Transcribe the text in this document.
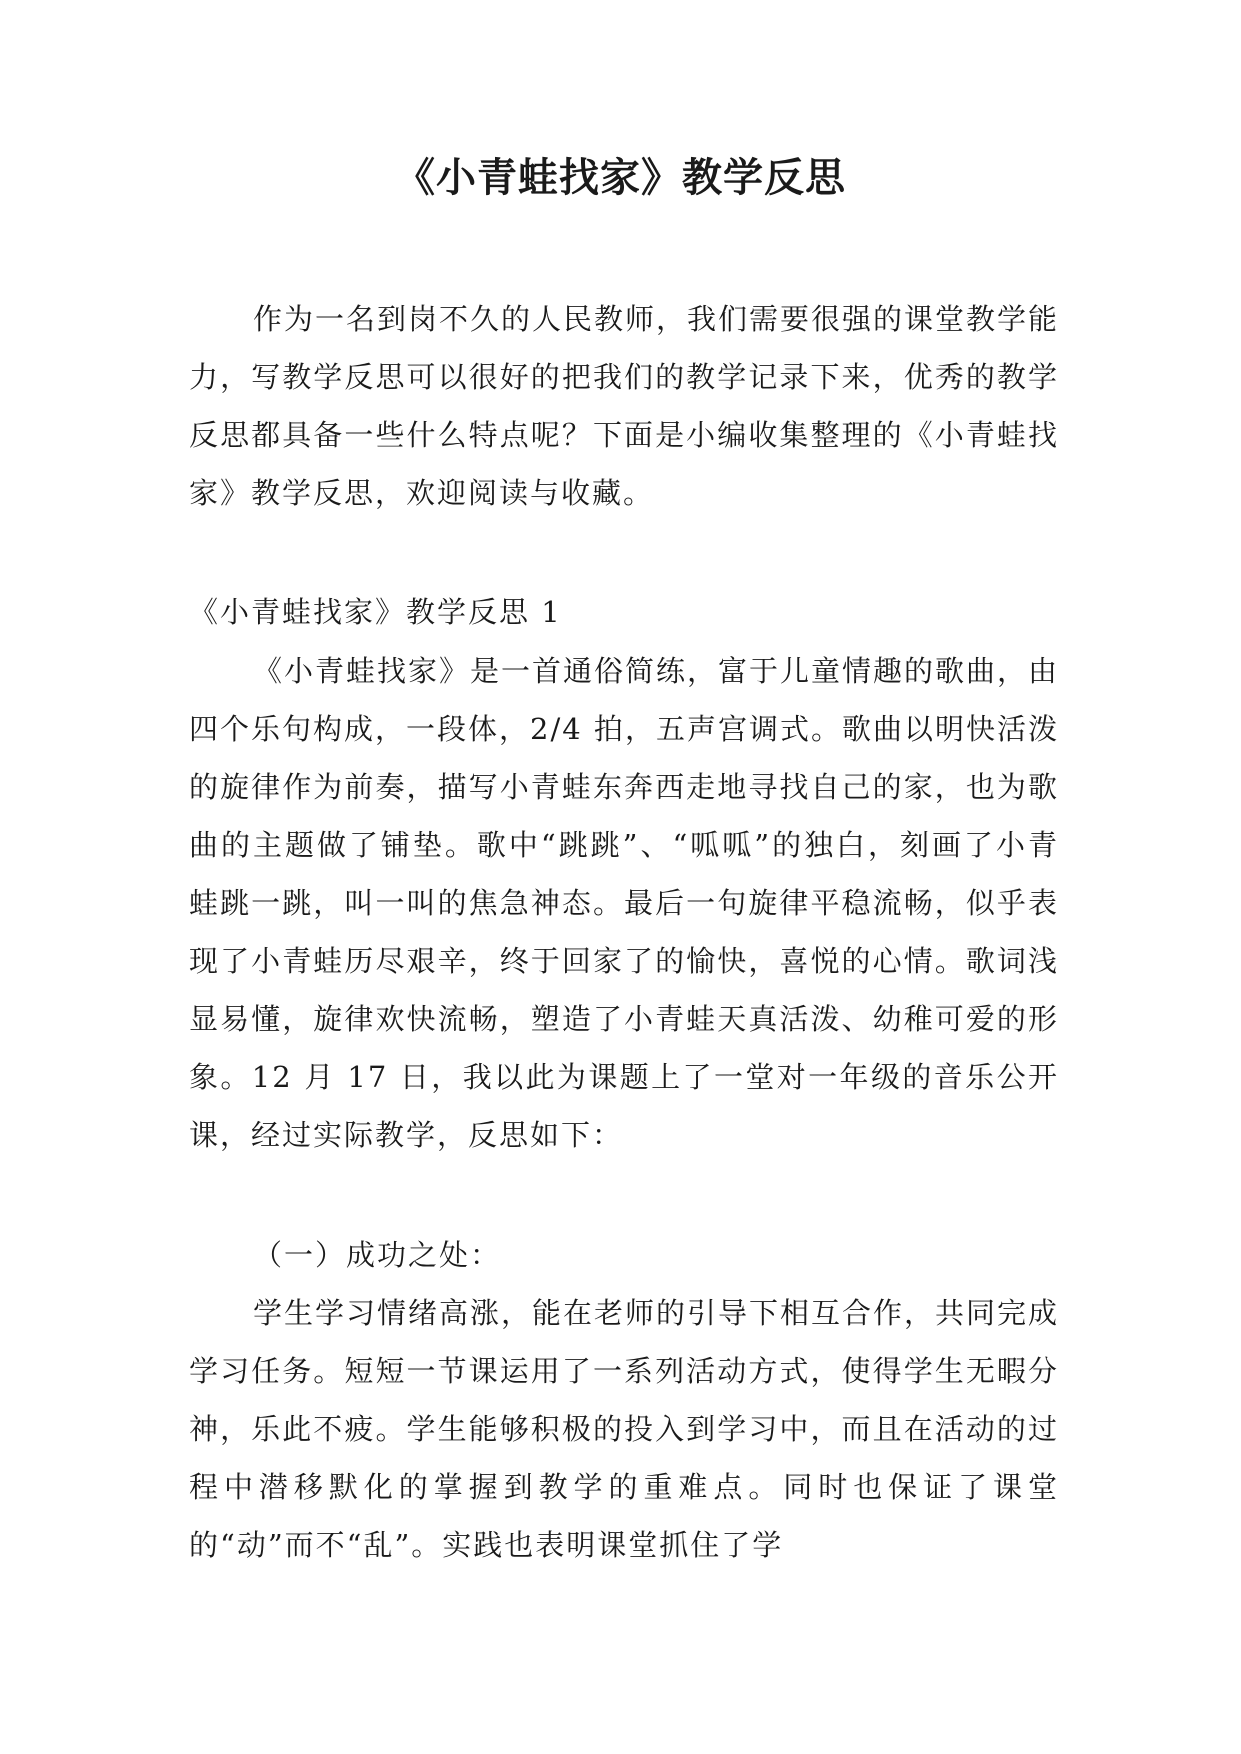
《小青蛙找家》教学反思
作为一名到岗不久的人民教师，我们需要很强的课堂教学能力，写教学反思可以很好的把我们的教学记录下来，优秀的教学反思都具备一些什么特点呢？下面是小编收集整理的《小青蛙找家》教学反思，欢迎阅读与收藏。
《小青蛙找家》教学反思 1
《小青蛙找家》是一首通俗简练，富于儿童情趣的歌曲，由四个乐句构成，一段体，2/4 拍，五声宫调式。歌曲以明快活泼的旋律作为前奏，描写小青蛙东奔西走地寻找自己的家，也为歌曲的主题做了铺垫。歌中“跳跳”、“呱呱”的独白，刻画了小青蛙跳一跳，叫一叫的焦急神态。最后一句旋律平稳流畅，似乎表现了小青蛙历尽艰辛，终于回家了的愉快，喜悦的心情。歌词浅显易懂，旋律欢快流畅，塑造了小青蛙天真活泼、幼稚可爱的形象。12 月 17 日，我以此为课题上了一堂对一年级的音乐公开课，经过实际教学，反思如下：
（一）成功之处：
学生学习情绪高涨，能在老师的引导下相互合作，共同完成学习任务。短短一节课运用了一系列活动方式，使得学生无暇分神，乐此不疲。学生能够积极的投入到学习中，而且在活动的过程中潜移默化的掌握到教学的重难点。同时也保证了课堂的“动”而不“乱”。实践也表明课堂抓住了学
